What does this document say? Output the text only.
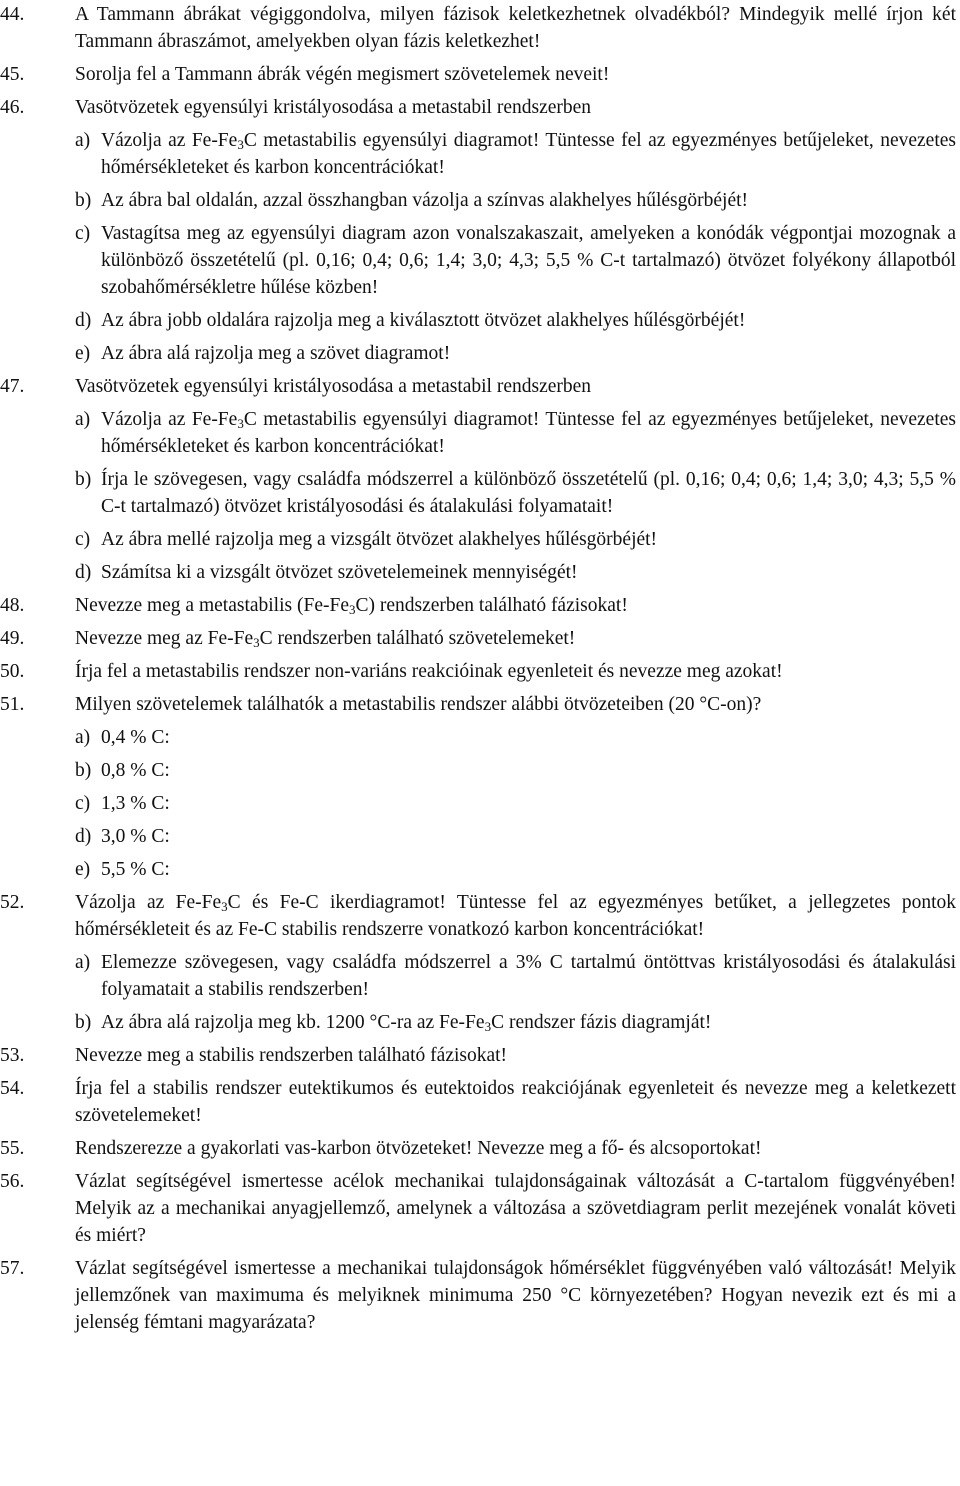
44.	A Tammann ábrákat végiggondolva, milyen fázisok keletkezhetnek olvadékból? Mindegyik mellé írjon két Tammann ábraszámot, amelyekben olyan fázis keletkezhet!
45.	Sorolja fel a Tammann ábrák végén megismert szövetelemek neveit!
46.	Vasötvözetek egyensúlyi kristályosodása a metastabil rendszerben
a) Vázolja az $Fe-Fe_3C$ metastabilis egyensúlyi diagramot! Tüntesse fel az egyezményes betűjeleket, nevezetes hőmérsékleteket és karbon koncentrációkat!
b) Az ábra bal oldalán, azzal összhangban vázolja a színvas alakhelyes hűlésgörbéjét!
c) Vastagítsa meg az egyensúlyi diagram azon vonalszakaszait, amelyeken a konódák végpontjai mozognak a különböző összetételű (pl. 0,16; 0,4; 0,6; 1,4; 3,0; 4,3; 5,5 % C-t tartalmazó) ötvözet folyékony állapotból szobahőmérsékletre hűlése közben!
d) Az ábra jobb oldalára rajzolja meg a kiválasztott ötvözet alakhelyes hűlésgörbéjét!
e) Az ábra alá rajzolja meg a szövet diagramot!
47.	Vasötvözetek egyensúlyi kristályosodása a metastabil rendszerben
a) Vázolja az $Fe-Fe_3C$ metastabilis egyensúlyi diagramot! Tüntesse fel az egyezményes betűjeleket, nevezetes hőmérsékleteket és karbon koncentrációkat!
b) Írja le szövegesen, vagy családfa módszerrel a különböző összetételű (pl. 0,16; 0,4; 0,6; 1,4; 3,0; 4,3; 5,5 % C-t tartalmazó) ötvözet kristályosodási és átalakulási folyamatait!
c) Az ábra mellé rajzolja meg a vizsgált ötvözet alakhelyes hűlésgörbéjét!
d) Számítsa ki a vizsgált ötvözet szövetelemeinek mennyiségét!
48.	Nevezze meg a metastabilis $(Fe-Fe_3C)$ rendszerben található fázisokat!
49.	Nevezze meg az $Fe-Fe_3C$ rendszerben található szövetelemeket!
50.	Írja fel a metastabilis rendszer non-variáns reakcióinak egyenleteit és nevezze meg azokat!
51.	Milyen szövetelemek találhatók a metastabilis rendszer alábbi ötvözeteiben (20 °C-on)?
a) 0,4 % C:
b) 0,8 % C:
c) 1,3 % C:
d) 3,0 % C:
e) 5,5 % C:
52.	Vázolja az $Fe-Fe_3C$ és Fe-C ikerdiagramot! Tüntesse fel az egyezményes betűket, a jellegzetes pontok hőmérsékleteit és az Fe-C stabilis rendszerre vonatkozó karbon koncentrációkat!
a) Elemezze szövegesen, vagy családfa módszerrel a 3% C tartalmú öntöttvas kristályosodási és átalakulási folyamatait a stabilis rendszerben!
b) Az ábra alá rajzolja meg kb. 1200 °C-ra az $Fe-Fe_3C$ rendszer fázis diagramját!
53.	Nevezze meg a stabilis rendszerben található fázisokat!
54.	Írja fel a stabilis rendszer eutektikumos és eutektoidos reakciójának egyenleteit és nevezze meg a keletkezett szövetelemeket!
55.	Rendszerezze a gyakorlati vas-karbon ötvözeteket! Nevezze meg a fő- és alcsoportokat!
56.	Vázlat segítségével ismertesse acélok mechanikai tulajdonságainak változását a C-tartalom függvényében! Melyik az a mechanikai anyagjellemző, amelynek a változása a szövetdiagram perlit mezejének vonalát követi és miért?
57.	Vázlat segítségével ismertesse a mechanikai tulajdonságok hőmérséklet függvényében való változását! Melyik jellemzőnek van maximuma és melyiknek minimuma 250 °C környezetében? Hogyan nevezik ezt és mi a jelenség fémtani magyarázata?
